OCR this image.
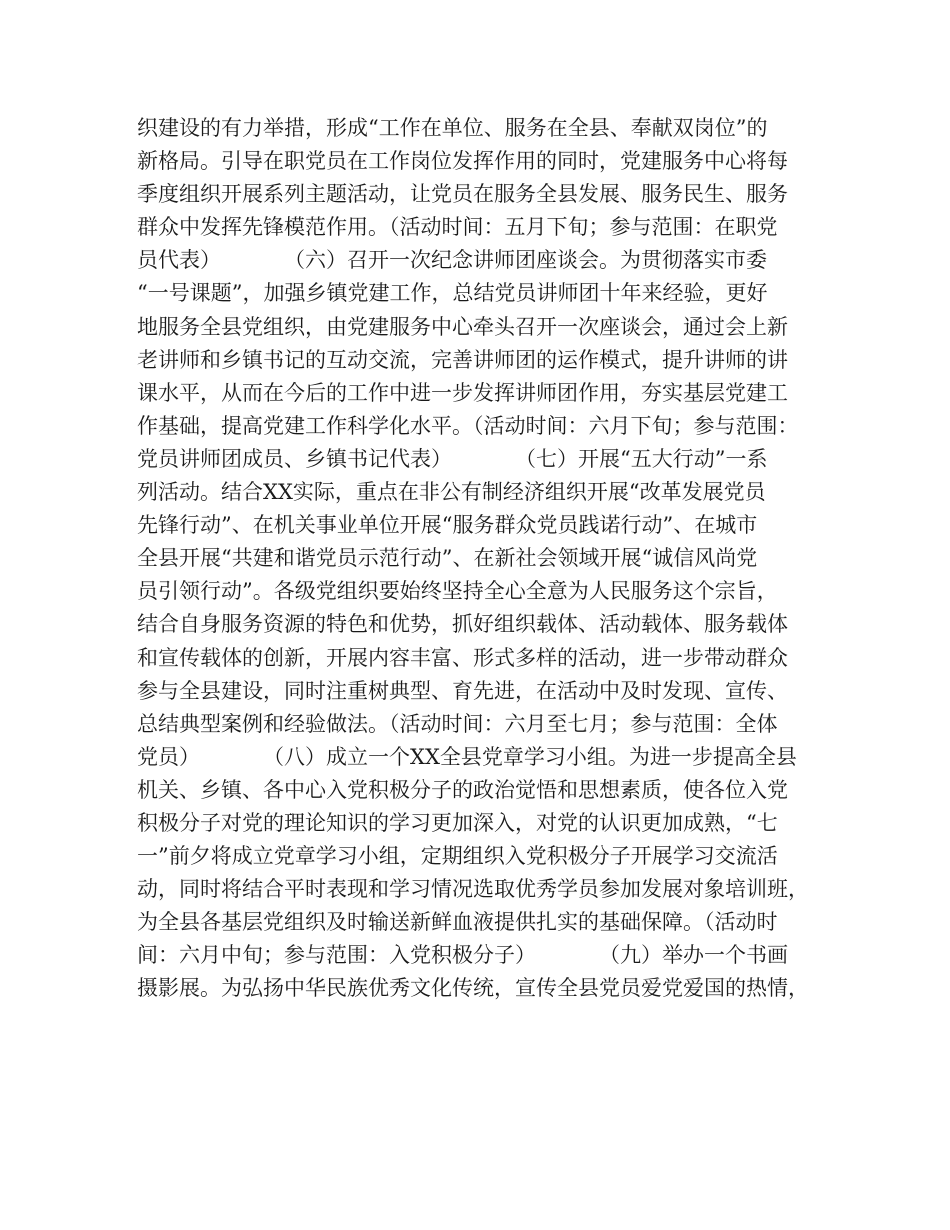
织建设的有力举措，形成“工作在单位、服务在全县、奉献双岗位”的
新格局。引导在职党员在工作岗位发挥作用的同时，党建服务中心将每
季度组织开展系列主题活动，让党员在服务全县发展、服务民生、服务
群众中发挥先锋模范作用。（活动时间：五月下旬；参与范围：在职党
员代表）　　　　（六）召开一次纪念讲师团座谈会。为贯彻落实市委
“一号课题”，加强乡镇党建工作，总结党员讲师团十年来经验，更好
地服务全县党组织，由党建服务中心牵头召开一次座谈会，通过会上新
老讲师和乡镇书记的互动交流，完善讲师团的运作模式，提升讲师的讲
课水平，从而在今后的工作中进一步发挥讲师团作用，夯实基层党建工
作基础，提高党建工作科学化水平。（活动时间：六月下旬；参与范围：
党员讲师团成员、乡镇书记代表）　　　　（七）开展“五大行动”一系
列活动。结合XX实际，重点在非公有制经济组织开展“改革发展党员
先锋行动”、在机关事业单位开展“服务群众党员践诺行动”、在城市
全县开展“共建和谐党员示范行动”、在新社会领域开展“诚信风尚党
员引领行动”。各级党组织要始终坚持全心全意为人民服务这个宗旨，
结合自身服务资源的特色和优势，抓好组织载体、活动载体、服务载体
和宣传载体的创新，开展内容丰富、形式多样的活动，进一步带动群众
参与全县建设，同时注重树典型、育先进，在活动中及时发现、宣传、
总结典型案例和经验做法。（活动时间：六月至七月；参与范围：全体
党员）　　　　（八）成立一个XX全县党章学习小组。为进一步提高全县
机关、乡镇、各中心入党积极分子的政治觉悟和思想素质，使各位入党
积极分子对党的理论知识的学习更加深入，对党的认识更加成熟，“七
一”前夕将成立党章学习小组，定期组织入党积极分子开展学习交流活
动，同时将结合平时表现和学习情况选取优秀学员参加发展对象培训班，
为全县各基层党组织及时输送新鲜血液提供扎实的基础保障。（活动时
间：六月中旬；参与范围：入党积极分子）　　　　（九）举办一个书画
摄影展。为弘扬中华民族优秀文化传统，宣传全县党员爱党爱国的热情，
